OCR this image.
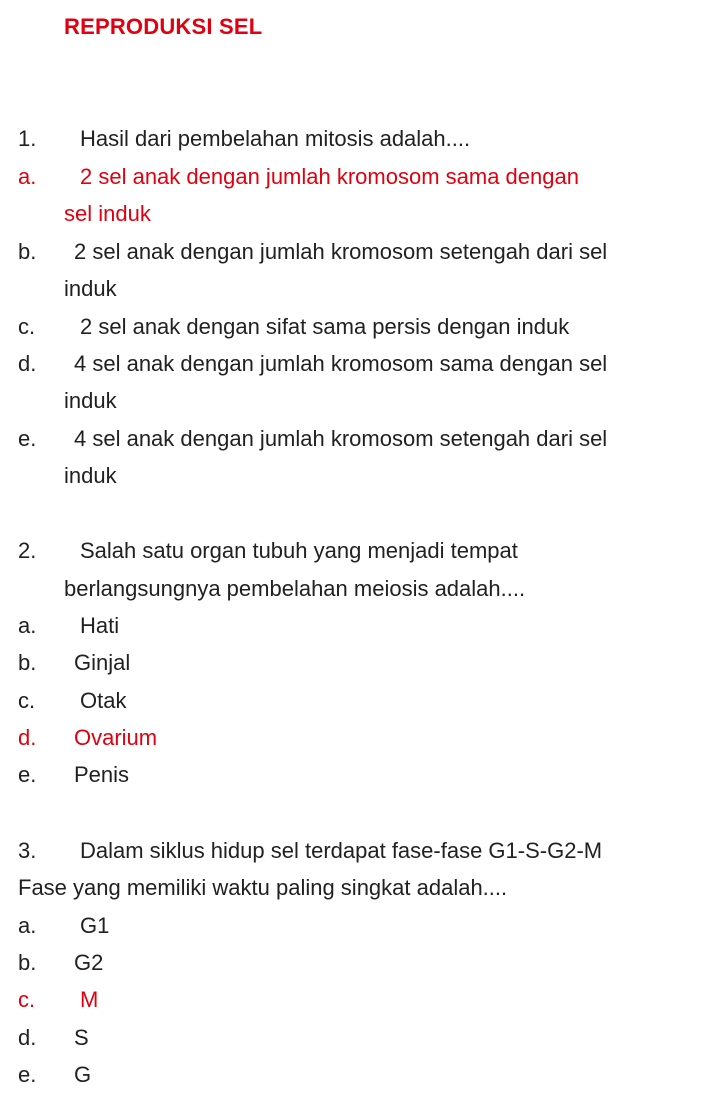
REPRODUKSI SEL
1. Hasil dari pembelahan mitosis adalah....
a. 2 sel anak dengan jumlah kromosom sama dengan
sel induk
b. 2 sel anak dengan jumlah kromosom setengah dari sel
induk
c. 2 sel anak dengan sifat sama persis dengan induk
d. 4 sel anak dengan jumlah kromosom sama dengan sel
induk
e. 4 sel anak dengan jumlah kromosom setengah dari sel
induk
2. Salah satu organ tubuh yang menjadi tempat
berlangsungnya pembelahan meiosis adalah....
a. Hati
b. Ginjal
c. Otak
d. Ovarium
e. Penis
3. Dalam siklus hidup sel terdapat fase-fase G1-S-G2-M
Fase yang memiliki waktu paling singkat adalah....
a. G1
b. G2
c. M
d. S
e. G
